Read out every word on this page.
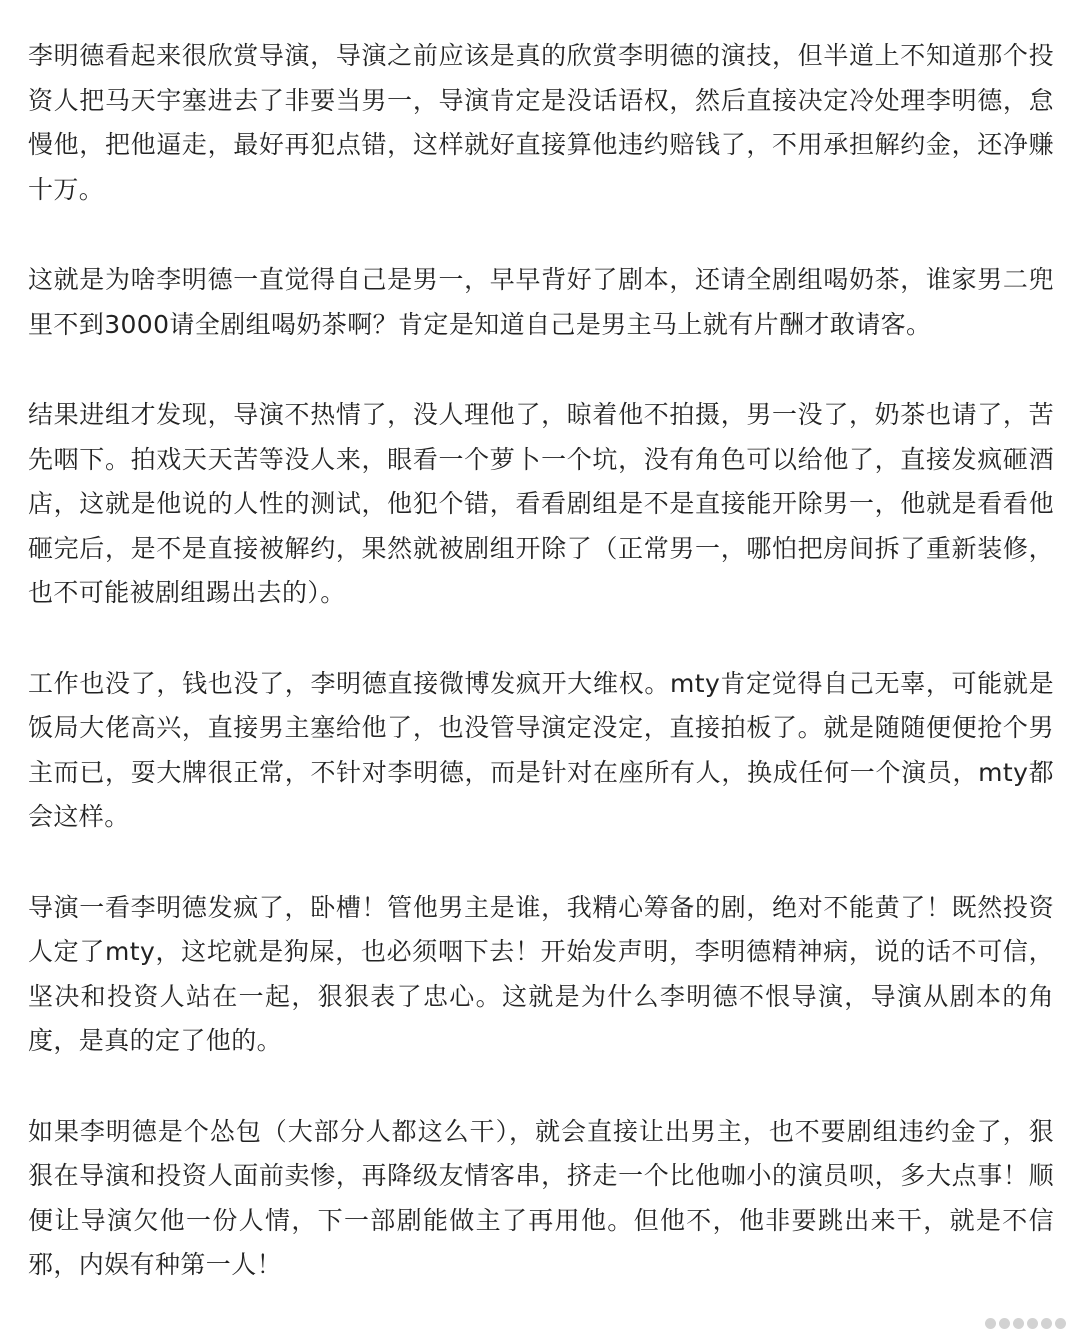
李明德看起来很欣赏导演，导演之前应该是真的欣赏李明德的演技，但半道上不知道那个投资人把马天宇塞进去了非要当男一，导演肯定是没话语权，然后直接决定冷处理李明德，怠慢他，把他逼走，最好再犯点错，这样就好直接算他违约赔钱了，不用承担解约金，还净赚十万。

这就是为啥李明德一直觉得自己是男一，早早背好了剧本，还请全剧组喝奶茶，谁家男二兜里不到3000请全剧组喝奶茶啊？肯定是知道自己是男主马上就有片酬才敢请客。

结果进组才发现，导演不热情了，没人理他了，晾着他不拍摄，男一没了，奶茶也请了，苦先咽下。拍戏天天苦等没人来，眼看一个萝卜一个坑，没有角色可以给他了，直接发疯砸酒店，这就是他说的人性的测试，他犯个错，看看剧组是不是直接能开除男一，他就是看看他砸完后，是不是直接被解约，果然就被剧组开除了（正常男一，哪怕把房间拆了重新装修，也不可能被剧组踢出去的）。

工作也没了，钱也没了，李明德直接微博发疯开大维权。mty肯定觉得自己无辜，可能就是饭局大佬高兴，直接男主塞给他了，也没管导演定没定，直接拍板了。就是随随便便抢个男主而已，耍大牌很正常，不针对李明德，而是针对在座所有人，换成任何一个演员，mty都会这样。

导演一看李明德发疯了，卧槽！管他男主是谁，我精心筹备的剧，绝对不能黄了！既然投资人定了mty，这坨就是狗屎，也必须咽下去！开始发声明，李明德精神病，说的话不可信，坚决和投资人站在一起，狠狠表了忠心。这就是为什么李明德不恨导演，导演从剧本的角度，是真的定了他的。

如果李明德是个怂包（大部分人都这么干），就会直接让出男主，也不要剧组违约金了，狠狠在导演和投资人面前卖惨，再降级友情客串，挤走一个比他咖小的演员呗，多大点事！顺便让导演欠他一份人情，下一部剧能做主了再用他。但他不，他非要跳出来干，就是不信邪，内娱有种第一人！
